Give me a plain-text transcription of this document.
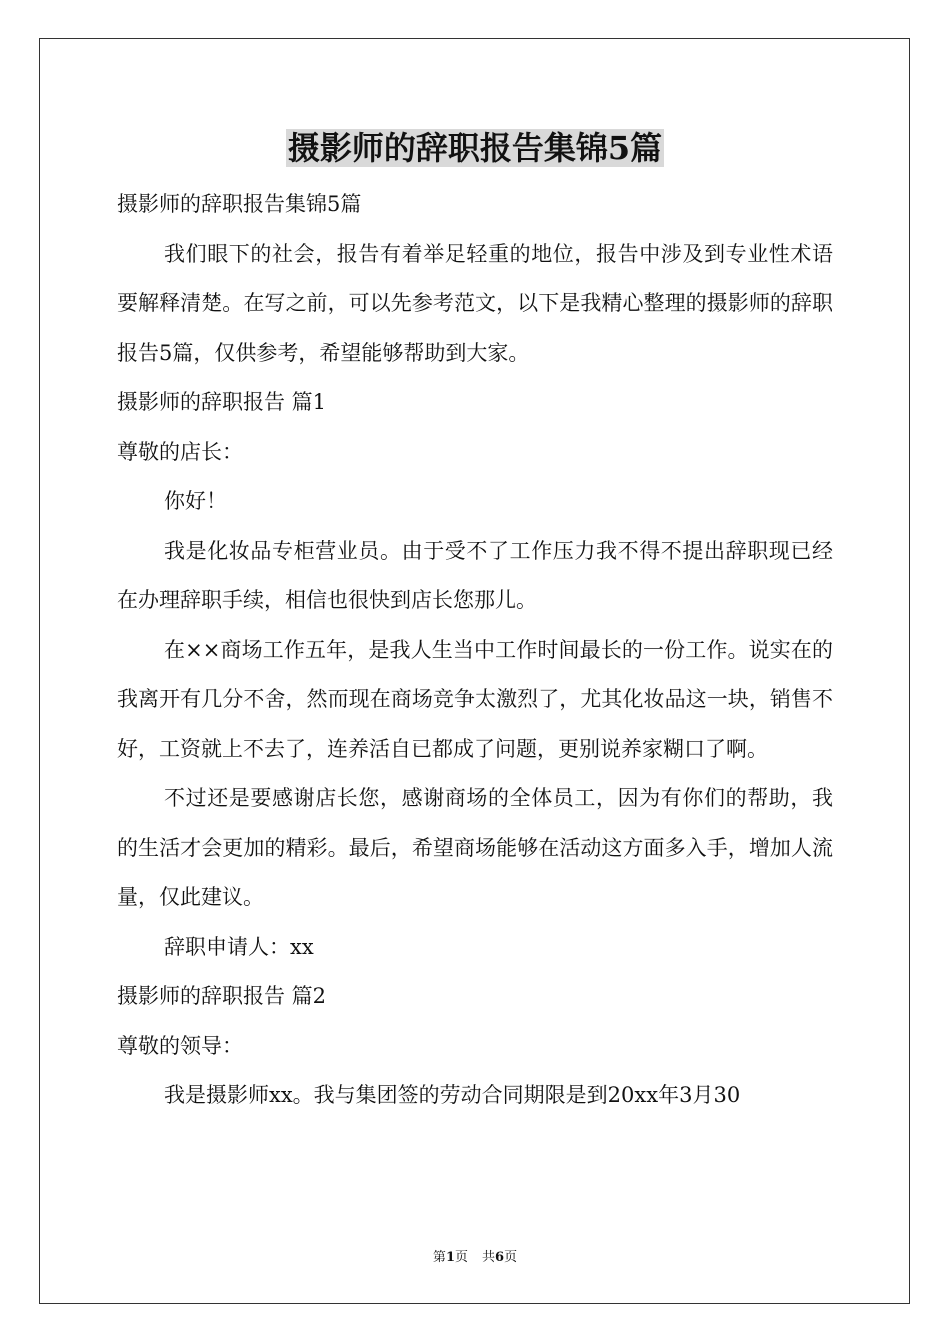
摄影师的辞职报告集锦5篇

摄影师的辞职报告集锦5篇

我们眼下的社会，报告有着举足轻重的地位，报告中涉及到专业性术语要解释清楚。在写之前，可以先参考范文，以下是我精心整理的摄影师的辞职报告5篇，仅供参考，希望能够帮助到大家。

摄影师的辞职报告 篇1

尊敬的店长：

你好！

我是化妆品专柜营业员。由于受不了工作压力我不得不提出辞职现已经在办理辞职手续，相信也很快到店长您那儿。

在××商场工作五年，是我人生当中工作时间最长的一份工作。说实在的我离开有几分不舍，然而现在商场竞争太激烈了，尤其化妆品这一块，销售不好，工资就上不去了，连养活自已都成了问题，更别说养家糊口了啊。

不过还是要感谢店长您，感谢商场的全体员工，因为有你们的帮助，我的生活才会更加的精彩。最后，希望商场能够在活动这方面多入手，增加人流量，仅此建议。

辞职申请人：xx

摄影师的辞职报告 篇2

尊敬的领导：

我是摄影师xx。我与集团签的劳动合同期限是到20xx年3月30

第1页 共6页
